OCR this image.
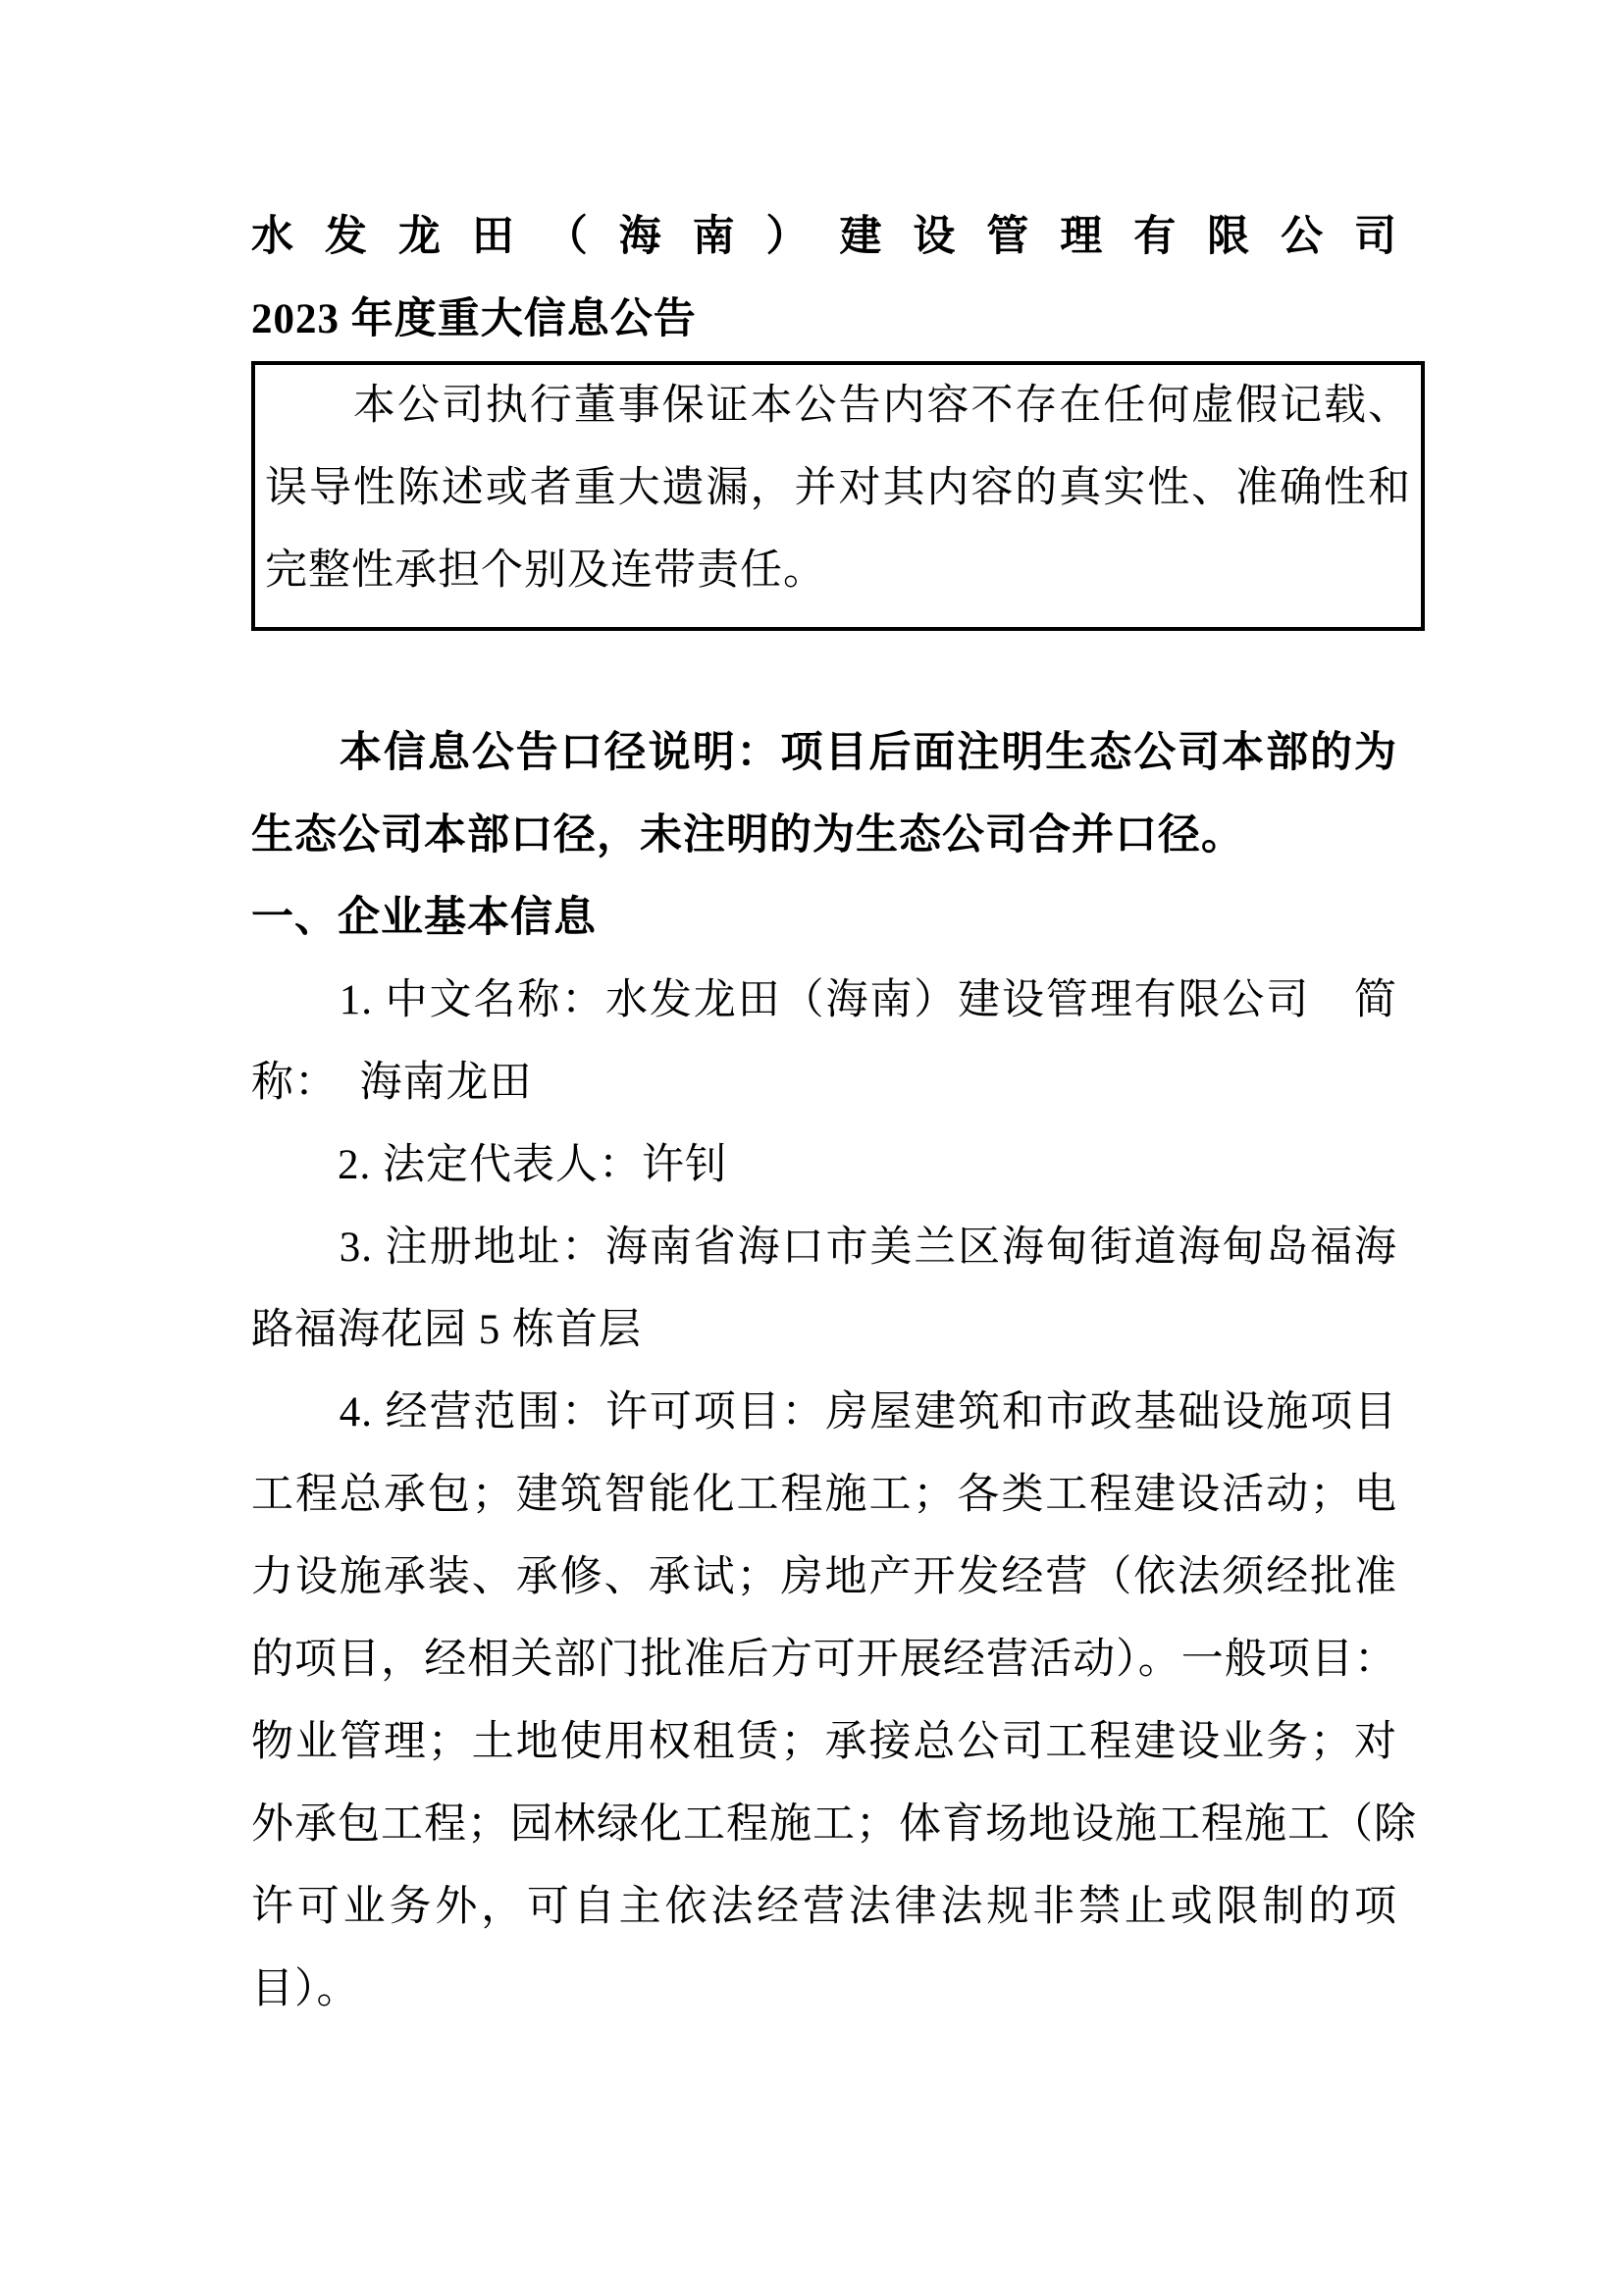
水发龙田（海南）建设管理有限公司
2023 年度重大信息公告
　　本公司执行董事保证本公告内容不存在任何虚假记载、
误导性陈述或者重大遗漏，并对其内容的真实性、准确性和
完整性承担个别及连带责任。
　　本信息公告口径说明：项目后面注明生态公司本部的为
生态公司本部口径，未注明的为生态公司合并口径。
一、企业基本信息
　　1. 中文名称：水发龙田（海南）建设管理有限公司　简
称：　海南龙田
　　2. 法定代表人：许钊
　　3. 注册地址：海南省海口市美兰区海甸街道海甸岛福海
路福海花园 5 栋首层
　　4. 经营范围：许可项目：房屋建筑和市政基础设施项目
工程总承包；建筑智能化工程施工；各类工程建设活动；电
力设施承装、承修、承试；房地产开发经营（依法须经批准
的项目，经相关部门批准后方可开展经营活动）。一般项目：
物业管理；土地使用权租赁；承接总公司工程建设业务；对
外承包工程；园林绿化工程施工；体育场地设施工程施工（除
许可业务外，可自主依法经营法律法规非禁止或限制的项
目）。
